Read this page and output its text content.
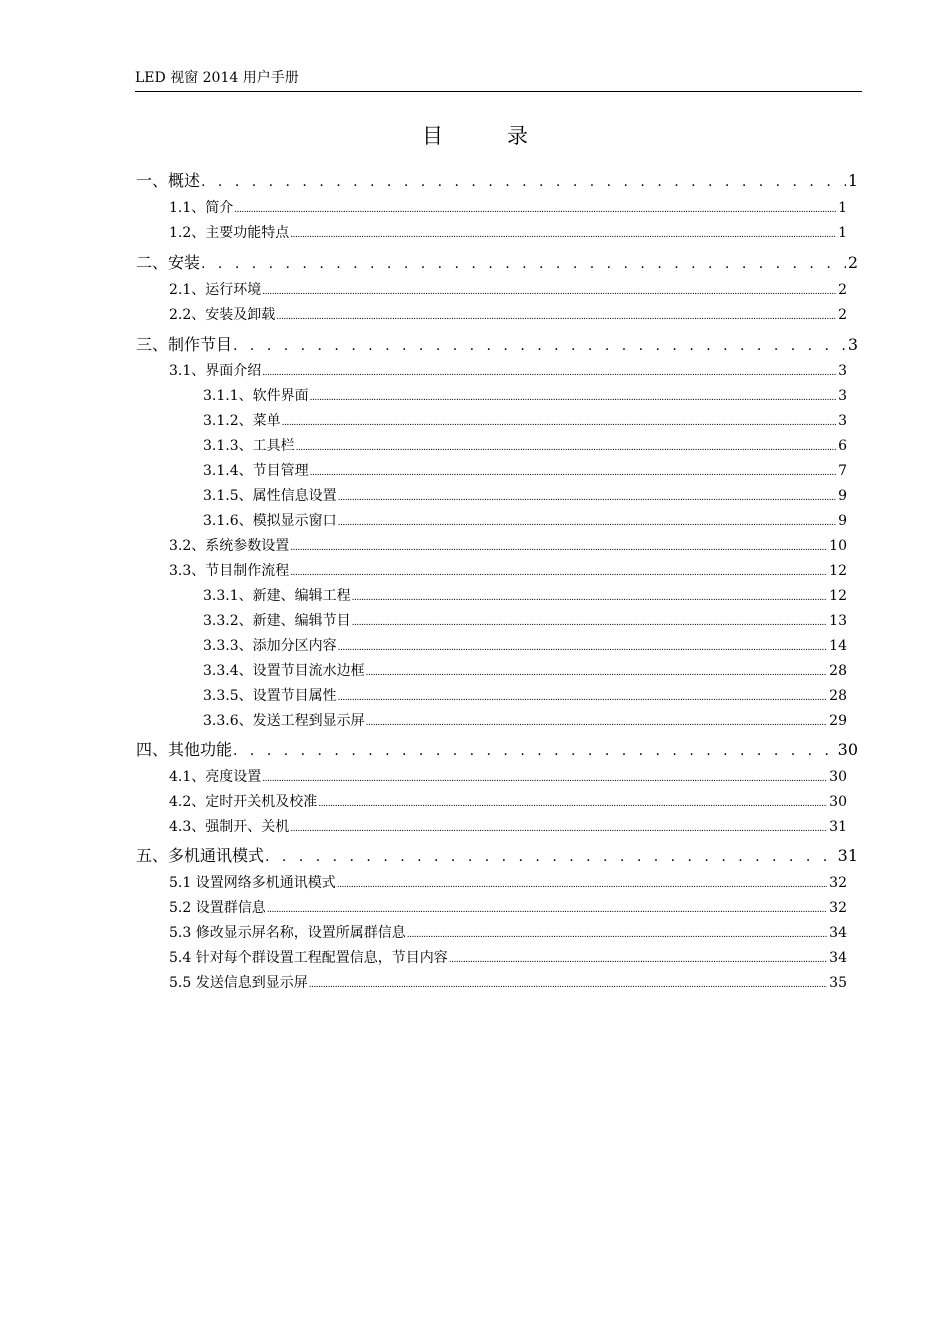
LED 视窗 2014 用户手册
目	录
一、概述 . . .	1
1.1、简介 .....	1
1.2、主要功能特点 .....	1
二、安装 . . .	2
2.1、运行环境 .....	2
2.2、安装及卸载 .....	2
三、制作节目 . . .	3
3.1、界面介绍 .....	3
3.1.1、软件界面 .....	3
3.1.2、菜单 .....	3
3.1.3、工具栏 .....	6
3.1.4、节目管理 .....	7
3.1.5、属性信息设置 .....	9
3.1.6、模拟显示窗口 .....	9
3.2、系统参数设置 .....	10
3.3、节目制作流程 .....	12
3.3.1、新建、编辑工程 .....	12
3.3.2、新建、编辑节目 .....	13
3.3.3、添加分区内容 .....	14
3.3.4、设置节目流水边框 .....	28
3.3.5、设置节目属性 .....	28
3.3.6、发送工程到显示屏 .....	29
四、其他功能 . . .	30
4.1、亮度设置 .....	30
4.2、定时开关机及校准 .....	30
4.3、强制开、关机 .....	31
五、多机通讯模式 . . .	31
5.1 设置网络多机通讯模式 .....	32
5.2 设置群信息 .....	32
5.3 修改显示屏名称，设置所属群信息 .....	34
5.4 针对每个群设置工程配置信息，节目内容 .....	34
5.5 发送信息到显示屏 .....	35
